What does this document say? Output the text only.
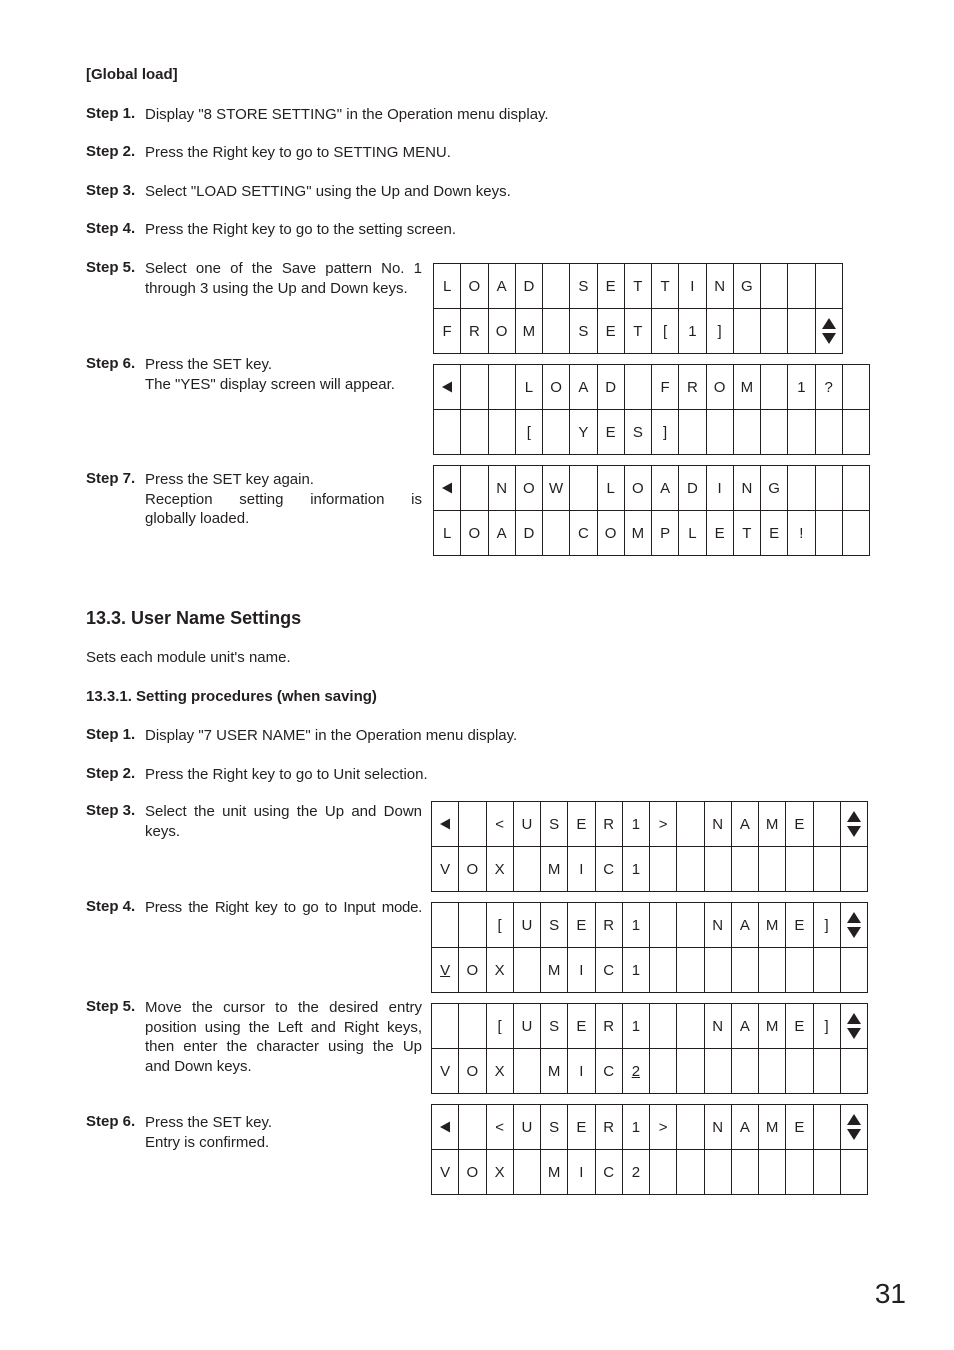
[Global load]
Step 1. Display "8 STORE SETTING" in the Operation menu display.
Step 2. Press the Right key to go to SETTING MENU.
Step 3. Select "LOAD SETTING" using the Up and Down keys.
Step 4. Press the Right key to go to the setting screen.
Step 5. Select one of the Save pattern No. 1
through 3 using the Up and Down keys.
Step 6. Press the SET key.
The "YES" display screen will appear.
Step 7. Press the SET key again.
Reception setting information is
globally loaded.
L	O	A	D		S	E	T	T	I	N	G			
F	R	O	M		S	E	T	[	1	]				
			L	O	A	D		F	R	O	M		1	?	
			[		Y	E	S	]							
		N	O	W		L	O	A	D	I	N	G			
L	O	A	D		C	O	M	P	L	E	T	E	!		
13.3. User Name Settings
Sets each module unit's name.
13.3.1. Setting procedures (when saving)
Step 1. Display "7 USER NAME" in the Operation menu display.
Step 2. Press the Right key to go to Unit selection.
Step 3. Select the unit using the Up and Down
keys.
Step 4. Press the Right key to go to Input mode.
Step 5. Move the cursor to the desired entry
position using the Left and Right keys,
then enter the character using the Up
and Down keys.
Step 6. Press the SET key.
Entry is confirmed.
		<	U	S	E	R	1	>		N	A	M	E		

V	O	X		M	I	C	1								
		[	U	S	E	R	1			N	A	M	E	]	

V	O	X		M	I	C	1								
		[	U	S	E	R	1			N	A	M	E	]	

V	O	X		M	I	C	2								
		<	U	S	E	R	1	>		N	A	M	E		

V	O	X		M	I	C	2								
31
